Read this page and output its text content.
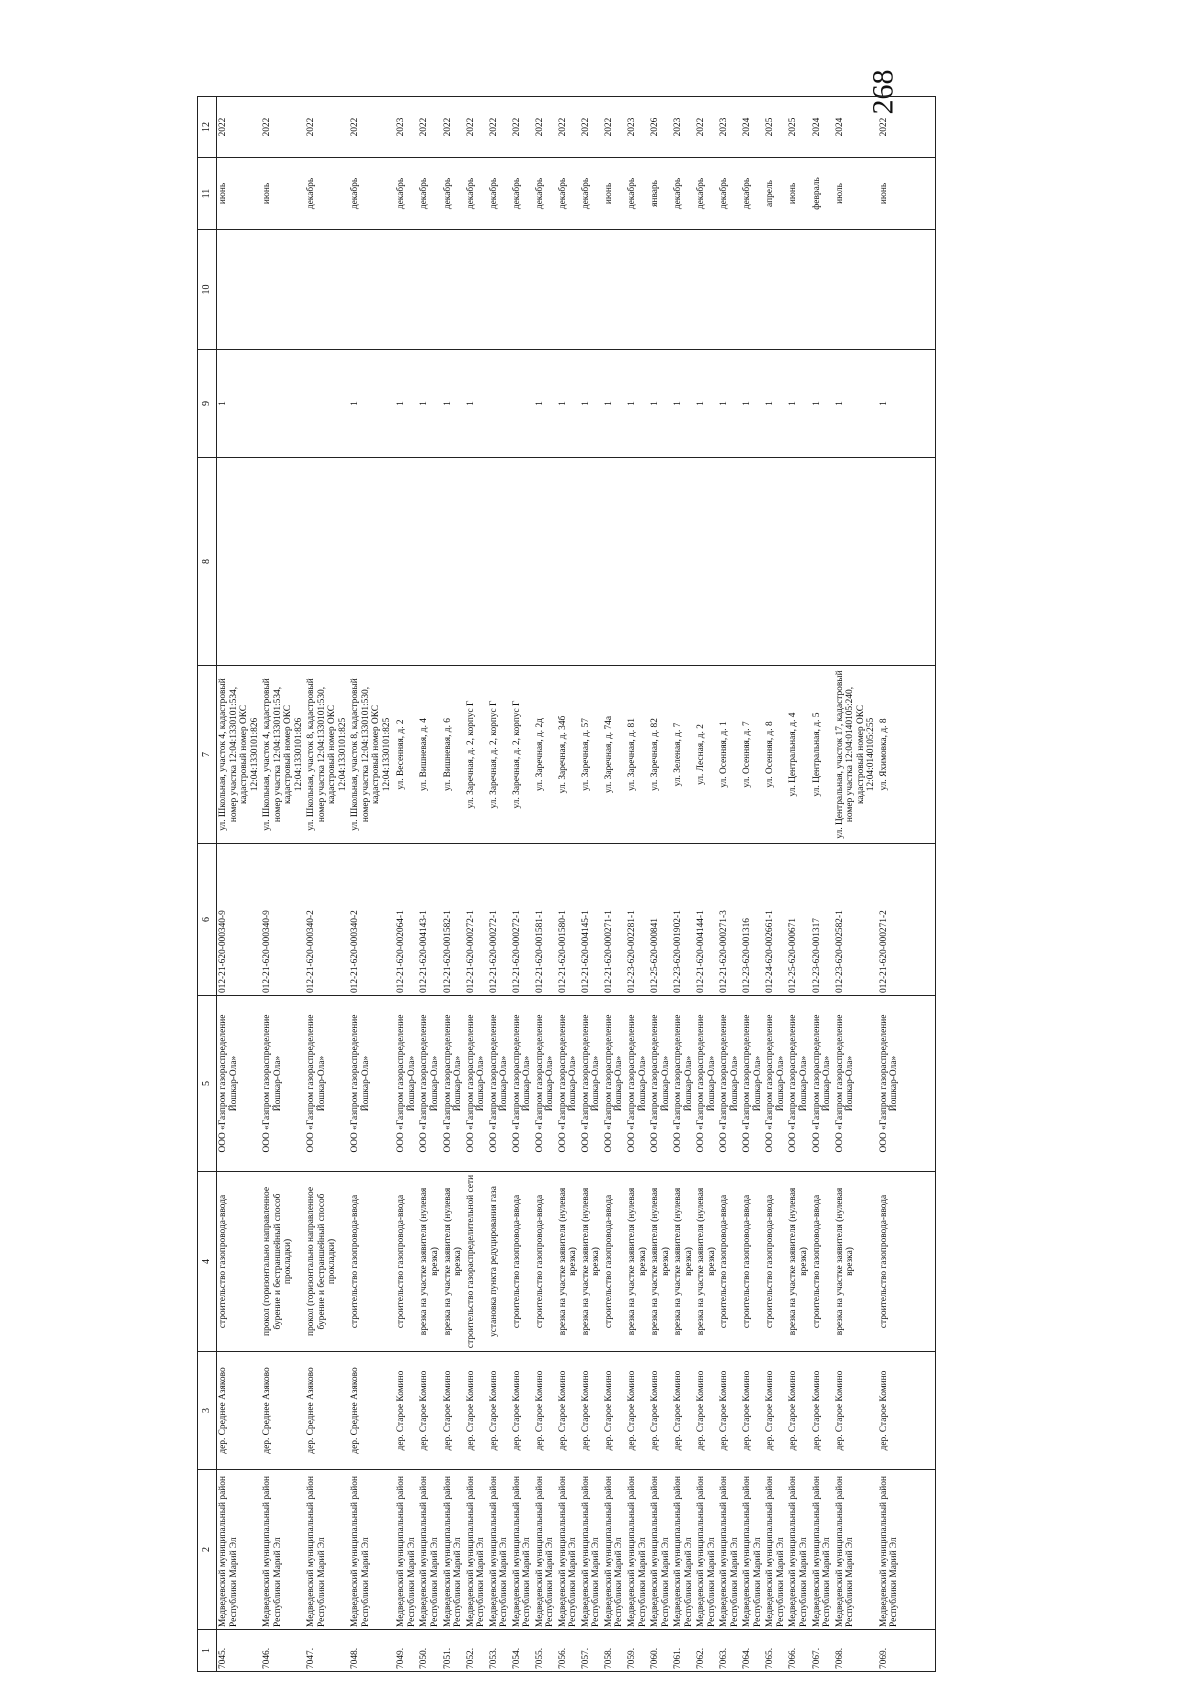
268
1	2	3	4	5	6	7	8	9	10	11	12
7045.	Медведевский муниципальный район Республики Марий Эл	дер. Среднее Азяково	строительство газопровода-ввода	ООО «Газпром газораспределение Йошкар-Ола»	012-21-620-000340-9	ул. Школьная, участок 4, кадастровый номер участка 12:04:1330101:534, кадастровый номер ОКС 12:04:1330101:826		1		июнь	2022
7046.	Медведевский муниципальный район Республики Марий Эл	дер. Среднее Азяково	прокол (горизонтально направленное бурение и бестраншейный способ прокладки)	ООО «Газпром газораспределение Йошкар-Ола»	012-21-620-000340-9	ул. Школьная, участок 4, кадастровый номер участка 12:04:1330101:534, кадастровый номер ОКС 12:04:1330101:826				июнь	2022
7047.	Медведевский муниципальный район Республики Марий Эл	дер. Среднее Азяково	прокол (горизонтально направленное бурение и бестраншейный способ прокладки)	ООО «Газпром газораспределение Йошкар-Ола»	012-21-620-000340-2	ул. Школьная, участок 8, кадастровый номер участка 12:04:1330101:530, кадастровый номер ОКС 12:04:1330101:825				декабрь	2022
7048.	Медведевский муниципальный район Республики Марий Эл	дер. Среднее Азяково	строительство газопровода-ввода	ООО «Газпром газораспределение Йошкар-Ола»	012-21-620-000340-2	ул. Школьная, участок 8, кадастровый номер участка 12:04:1330101:530, кадастровый номер ОКС 12:04:1330101:825		1		декабрь	2022
7049.	Медведевский муниципальный район Республики Марий Эл	дер. Старое Комино	строительство газопровода-ввода	ООО «Газпром газораспределение Йошкар-Ола»	012-21-620-002064-1	ул. Весенняя, д. 2		1		декабрь	2023
7050.	Медведевский муниципальный район Республики Марий Эл	дер. Старое Комино	врезка на участке заявителя (нулевая врезка)	ООО «Газпром газораспределение Йошкар-Ола»	012-21-620-004143-1	ул. Вишневая, д. 4		1		декабрь	2022
7051.	Медведевский муниципальный район Республики Марий Эл	дер. Старое Комино	врезка на участке заявителя (нулевая врезка)	ООО «Газпром газораспределение Йошкар-Ола»	012-21-620-001582-1	ул. Вишневая, д. 6		1		декабрь	2022
7052.	Медведевский муниципальный район Республики Марий Эл	дер. Старое Комино	строительство газораспределительной сети	ООО «Газпром газораспределение Йошкар-Ола»	012-21-620-000272-1	ул. Заречная, д. 2, корпус Г		1		декабрь	2022
7053.	Медведевский муниципальный район Республики Марий Эл	дер. Старое Комино	установка пункта редуцирования газа	ООО «Газпром газораспределение Йошкар-Ола»	012-21-620-000272-1	ул. Заречная, д. 2, корпус Г				декабрь	2022
7054.	Медведевский муниципальный район Республики Марий Эл	дер. Старое Комино	строительство газопровода-ввода	ООО «Газпром газораспределение Йошкар-Ола»	012-21-620-000272-1	ул. Заречная, д. 2, корпус Г				декабрь	2022
7055.	Медведевский муниципальный район Республики Марий Эл	дер. Старое Комино	строительство газопровода-ввода	ООО «Газпром газораспределение Йошкар-Ола»	012-21-620-001581-1	ул. Заречная, д. 2д		1		декабрь	2022
7056.	Медведевский муниципальный район Республики Марий Эл	дер. Старое Комино	врезка на участке заявителя (нулевая врезка)	ООО «Газпром газораспределение Йошкар-Ола»	012-21-620-001580-1	ул. Заречная, д. 34б		1		декабрь	2022
7057.	Медведевский муниципальный район Республики Марий Эл	дер. Старое Комино	врезка на участке заявителя (нулевая врезка)	ООО «Газпром газораспределение Йошкар-Ола»	012-21-620-004145-1	ул. Заречная, д. 57		1		декабрь	2022
7058.	Медведевский муниципальный район Республики Марий Эл	дер. Старое Комино	строительство газопровода-ввода	ООО «Газпром газораспределение Йошкар-Ола»	012-21-620-000271-1	ул. Заречная, д. 74а		1		июнь	2022
7059.	Медведевский муниципальный район Республики Марий Эл	дер. Старое Комино	врезка на участке заявителя (нулевая врезка)	ООО «Газпром газораспределение Йошкар-Ола»	012-23-620-002281-1	ул. Заречная, д. 81		1		декабрь	2023
7060.	Медведевский муниципальный район Республики Марий Эл	дер. Старое Комино	врезка на участке заявителя (нулевая врезка)	ООО «Газпром газораспределение Йошкар-Ола»	012-25-620-000841	ул. Заречная, д. 82		1		январь	2026
7061.	Медведевский муниципальный район Республики Марий Эл	дер. Старое Комино	врезка на участке заявителя (нулевая врезка)	ООО «Газпром газораспределение Йошкар-Ола»	012-23-620-001902-1	ул. Зеленая, д. 7		1		декабрь	2023
7062.	Медведевский муниципальный район Республики Марий Эл	дер. Старое Комино	врезка на участке заявителя (нулевая врезка)	ООО «Газпром газораспределение Йошкар-Ола»	012-21-620-004144-1	ул. Лесная, д. 2		1		декабрь	2022
7063.	Медведевский муниципальный район Республики Марий Эл	дер. Старое Комино	строительство газопровода-ввода	ООО «Газпром газораспределение Йошкар-Ола»	012-21-620-000271-3	ул. Осенняя, д. 1		1		декабрь	2023
7064.	Медведевский муниципальный район Республики Марий Эл	дер. Старое Комино	строительство газопровода-ввода	ООО «Газпром газораспределение Йошкар-Ола»	012-23-620-001316	ул. Осенняя, д. 7		1		декабрь	2024
7065.	Медведевский муниципальный район Республики Марий Эл	дер. Старое Комино	строительство газопровода-ввода	ООО «Газпром газораспределение Йошкар-Ола»	012-24-620-002661-1	ул. Осенняя, д. 8		1		апрель	2025
7066.	Медведевский муниципальный район Республики Марий Эл	дер. Старое Комино	врезка на участке заявителя (нулевая врезка)	ООО «Газпром газораспределение Йошкар-Ола»	012-25-620-000671	ул. Центральная, д. 4		1		июнь	2025
7067.	Медведевский муниципальный район Республики Марий Эл	дер. Старое Комино	строительство газопровода-ввода	ООО «Газпром газораспределение Йошкар-Ола»	012-23-620-001317	ул. Центральная, д. 5		1		февраль	2024
7068.	Медведевский муниципальный район Республики Марий Эл	дер. Старое Комино	врезка на участке заявителя (нулевая врезка)	ООО «Газпром газораспределение Йошкар-Ола»	012-23-620-002582-1	ул. Центральная, участок 17, кадастровый номер участка 12:04:0140105:240, кадастровый номер ОКС 12:04:0140105:255		1		июль	2024
7069.	Медведевский муниципальный район Республики Марий Эл	дер. Старое Комино	строительство газопровода-ввода	ООО «Газпром газораспределение Йошкар-Ола»	012-21-620-000271-2	ул. Яхимовка, д. 8		1		июнь	2022
